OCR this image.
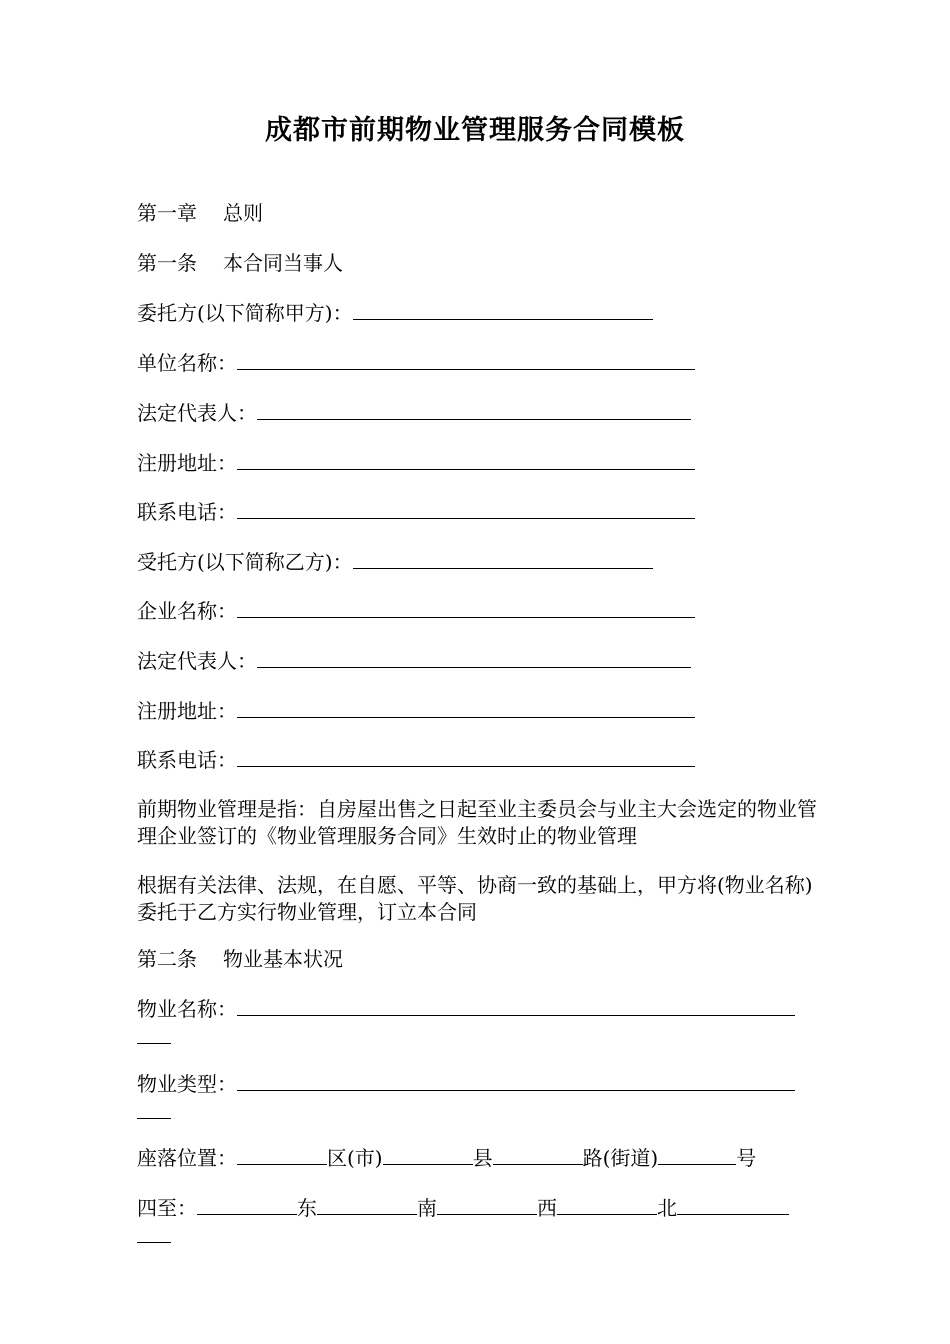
成都市前期物业管理服务合同模板
第一章 总则
第一条 本合同当事人
委托方(以下简称甲方)：
单位名称：
法定代表人：
注册地址：
联系电话：
受托方(以下简称乙方)：
企业名称：
法定代表人：
注册地址：
联系电话：
前期物业管理是指：自房屋出售之日起至业主委员会与业主大会选定的物业管理企业签订的《物业管理服务合同》生效时止的物业管理
根据有关法律、法规，在自愿、平等、协商一致的基础上，甲方将(物业名称)委托于乙方实行物业管理，订立本合同
第二条 物业基本状况
物业名称：
物业类型：
座落位置：	区(市)	县	路(街道)	号
四至：	东	南	西	北
